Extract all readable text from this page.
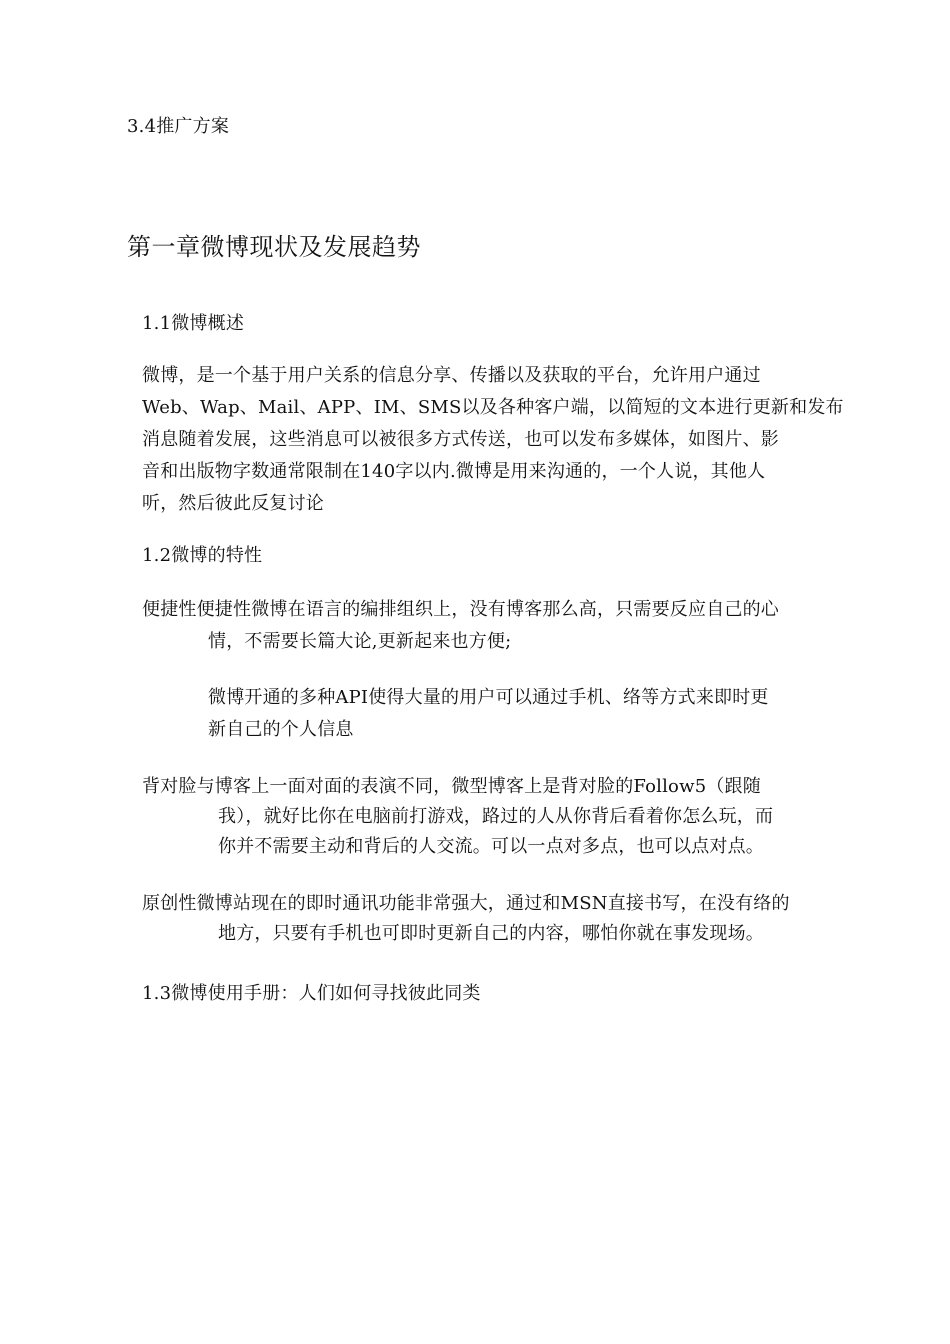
3.4推广方案
第一章微博现状及发展趋势
1.1微博概述
微博，是一个基于用户关系的信息分享、传播以及获取的平台，允许用户通过
Web、Wap、Mail、APP、IM、SMS以及各种客户端，以简短的文本进行更新和发布
消息随着发展，这些消息可以被很多方式传送，也可以发布多媒体，如图片、影
音和出版物字数通常限制在140字以内.微博是用来沟通的，一个人说，其他人
听，然后彼此反复讨论
1.2微博的特性
便捷性便捷性微博在语言的编排组织上，没有博客那么高，只需要反应自己的心
情，不需要长篇大论,更新起来也方便;
微博开通的多种API使得大量的用户可以通过手机、络等方式来即时更
新自己的个人信息
背对脸与博客上一面对面的表演不同，微型博客上是背对脸的Follow5（跟随
我），就好比你在电脑前打游戏，路过的人从你背后看着你怎么玩，而
你并不需要主动和背后的人交流。可以一点对多点，也可以点对点。
原创性微博站现在的即时通讯功能非常强大，通过和MSN直接书写，在没有络的
地方，只要有手机也可即时更新自己的内容，哪怕你就在事发现场。
1.3微博使用手册：人们如何寻找彼此同类
